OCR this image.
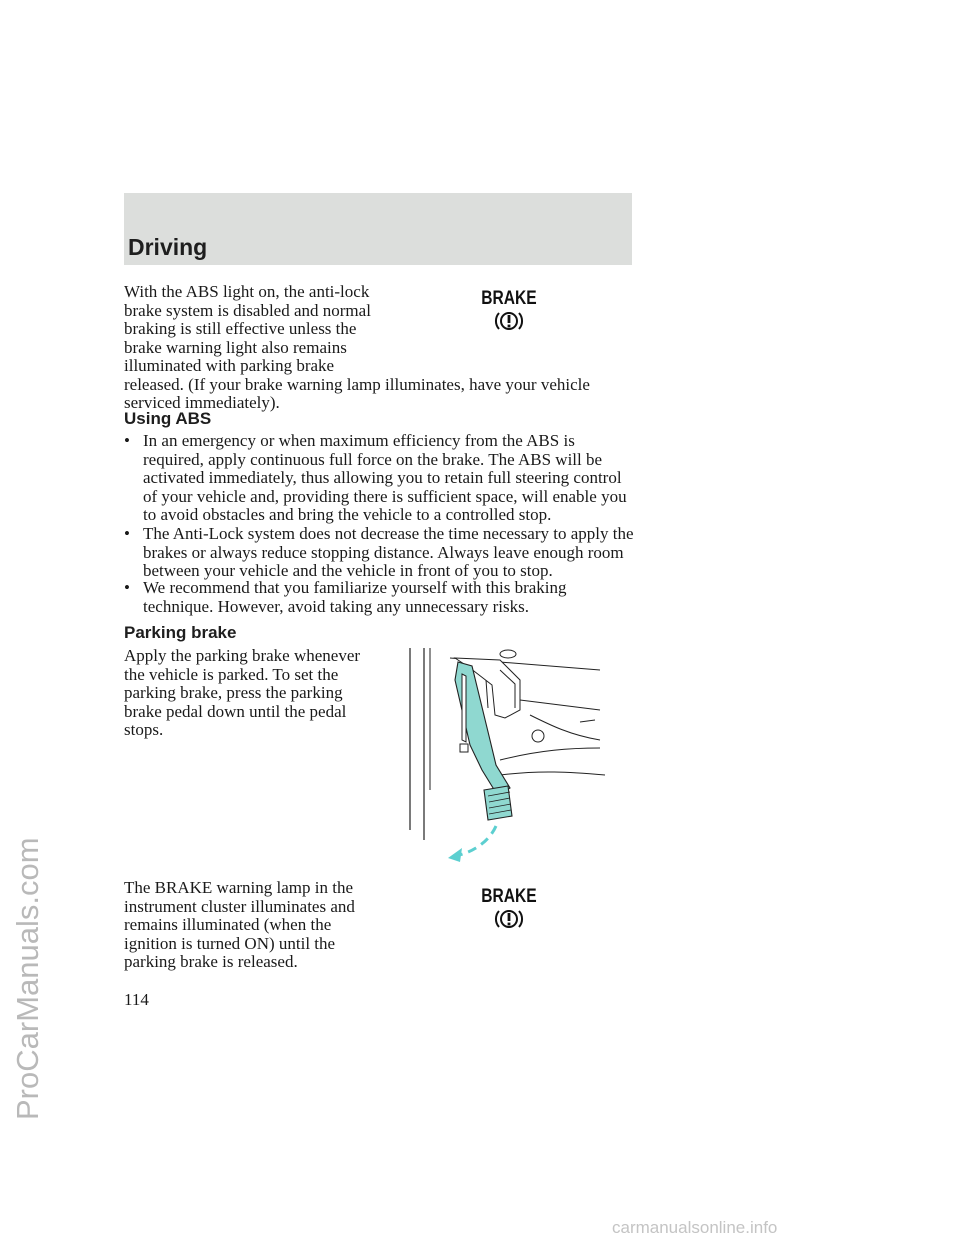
Driving
With the ABS light on, the anti-lock
brake system is disabled and normal
braking is still effective unless the
brake warning light also remains
illuminated with parking brake
released. (If your brake warning lamp illuminates, have your vehicle
serviced immediately).
BRAKE
Using ABS
• In an emergency or when maximum efficiency from the ABS is required, apply continuous full force on the brake. The ABS will be activated immediately, thus allowing you to retain full steering control of your vehicle and, providing there is sufficient space, will enable you to avoid obstacles and bring the vehicle to a controlled stop.
• The Anti-Lock system does not decrease the time necessary to apply the brakes or always reduce stopping distance. Always leave enough room between your vehicle and the vehicle in front of you to stop.
• We recommend that you familiarize yourself with this braking technique. However, avoid taking any unnecessary risks.
Parking brake
Apply the parking brake whenever
the vehicle is parked. To set the
parking brake, press the parking
brake pedal down until the pedal
stops.
The BRAKE warning lamp in the
instrument cluster illuminates and
remains illuminated (when the
ignition is turned ON) until the
parking brake is released.
BRAKE
114
ProCarManuals.com
carmanualsonline.info
